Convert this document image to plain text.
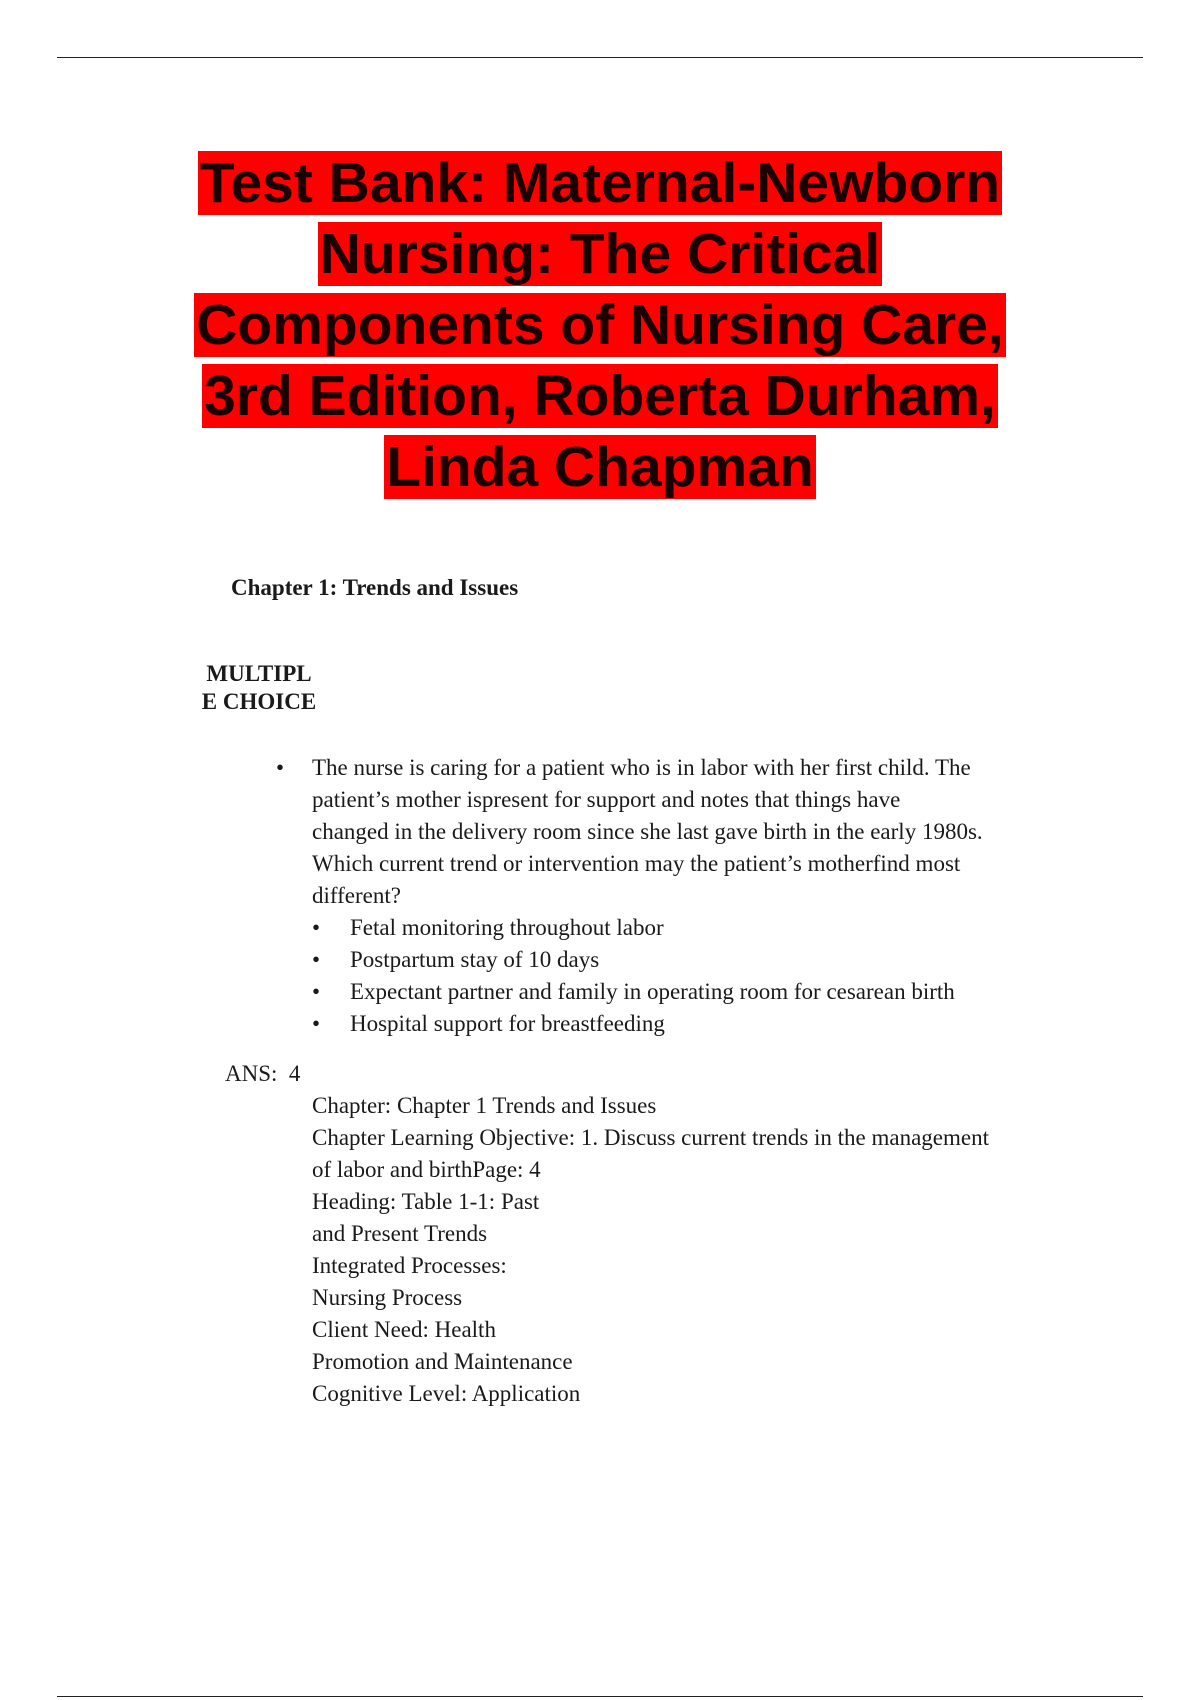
Test Bank: Maternal-Newborn
Nursing: The Critical
Components of Nursing Care,
3rd Edition, Roberta Durham,
Linda Chapman
Chapter 1: Trends and Issues
MULTIPL
E CHOICE
• The nurse is caring for a patient who is in labor with her first child. The
patient’s mother ispresent for support and notes that things have
changed in the delivery room since she last gave birth in the early 1980s.
Which current trend or intervention may the patient’s motherfind most
different?
• Fetal monitoring throughout labor
• Postpartum stay of 10 days
• Expectant partner and family in operating room for cesarean birth
• Hospital support for breastfeeding
ANS:  4
Chapter: Chapter 1 Trends and Issues
Chapter Learning Objective: 1. Discuss current trends in the management
of labor and birthPage: 4
Heading: Table 1-1: Past
and Present Trends
Integrated Processes:
Nursing Process
Client Need: Health
Promotion and Maintenance
Cognitive Level: Application
